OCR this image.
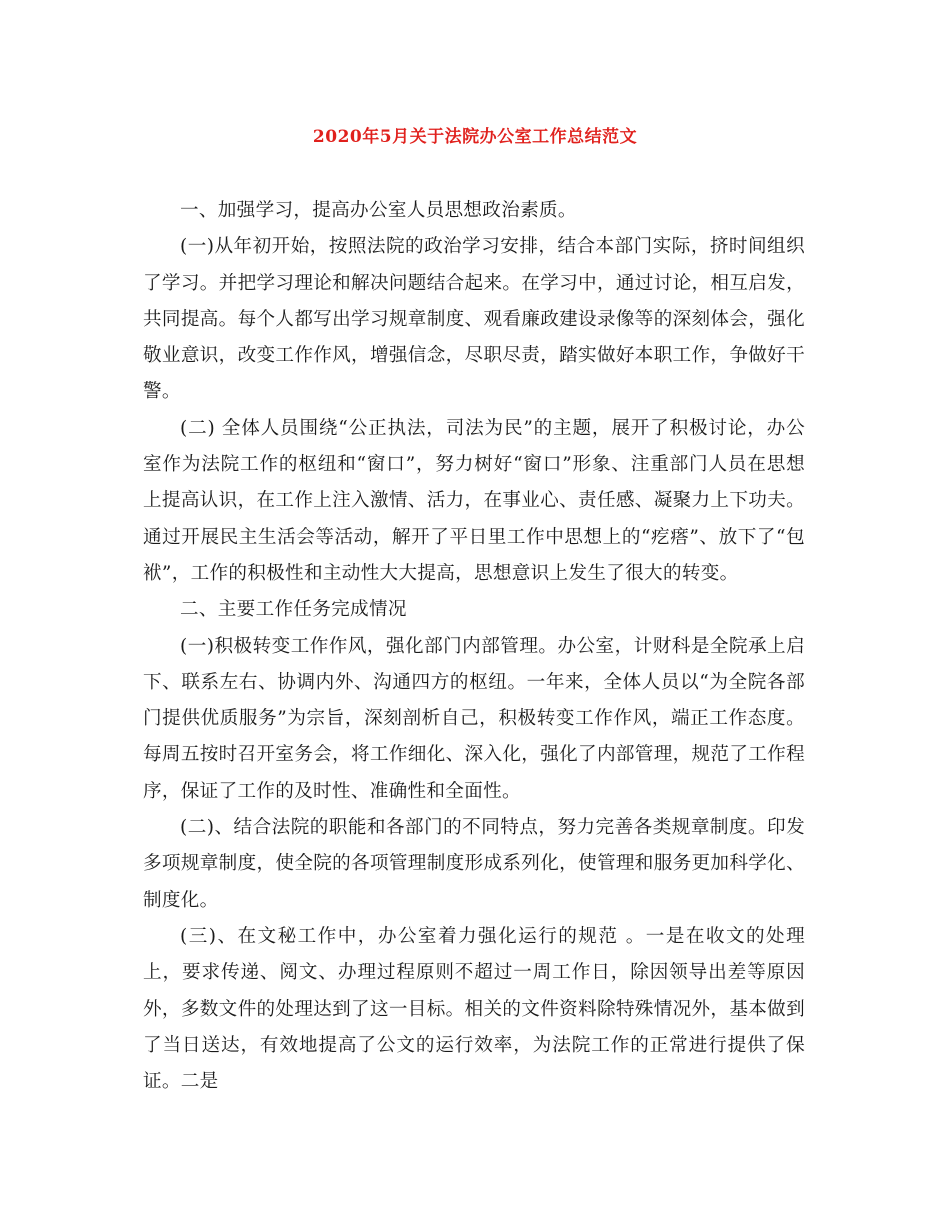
2020年5月关于法院办公室工作总结范文

一、加强学习，提高办公室人员思想政治素质。

(一)从年初开始，按照法院的政治学习安排，结合本部门实际，挤时间组织了学习。并把学习理论和解决问题结合起来。在学习中，通过讨论，相互启发，共同提高。每个人都写出学习规章制度、观看廉政建设录像等的深刻体会，强化敬业意识，改变工作作风，增强信念，尽职尽责，踏实做好本职工作，争做好干警。

(二) 全体人员围绕“公正执法，司法为民”的主题，展开了积极讨论，办公室作为法院工作的枢纽和“窗口”，努力树好“窗口”形象、注重部门人员在思想上提高认识，在工作上注入激情、活力，在事业心、责任感、凝聚力上下功夫。通过开展民主生活会等活动，解开了平日里工作中思想上的“疙瘩”、放下了“包袱”，工作的积极性和主动性大大提高，思想意识上发生了很大的转变。

二、主要工作任务完成情况

(一)积极转变工作作风，强化部门内部管理。办公室，计财科是全院承上启下、联系左右、协调内外、沟通四方的枢纽。一年来，全体人员以“为全院各部门提供优质服务”为宗旨，深刻剖析自己，积极转变工作作风，端正工作态度。每周五按时召开室务会，将工作细化、深入化，强化了内部管理，规范了工作程序，保证了工作的及时性、准确性和全面性。

(二)、结合法院的职能和各部门的不同特点，努力完善各类规章制度。印发多项规章制度，使全院的各项管理制度形成系列化，使管理和服务更加科学化、制度化。

(三)、在文秘工作中，办公室着力强化运行的规范 。一是在收文的处理上，要求传递、阅文、办理过程原则不超过一周工作日，除因领导出差等原因外，多数文件的处理达到了这一目标。相关的文件资料除特殊情况外，基本做到了当日送达，有效地提高了公文的运行效率，为法院工作的正常进行提供了保证。二是
